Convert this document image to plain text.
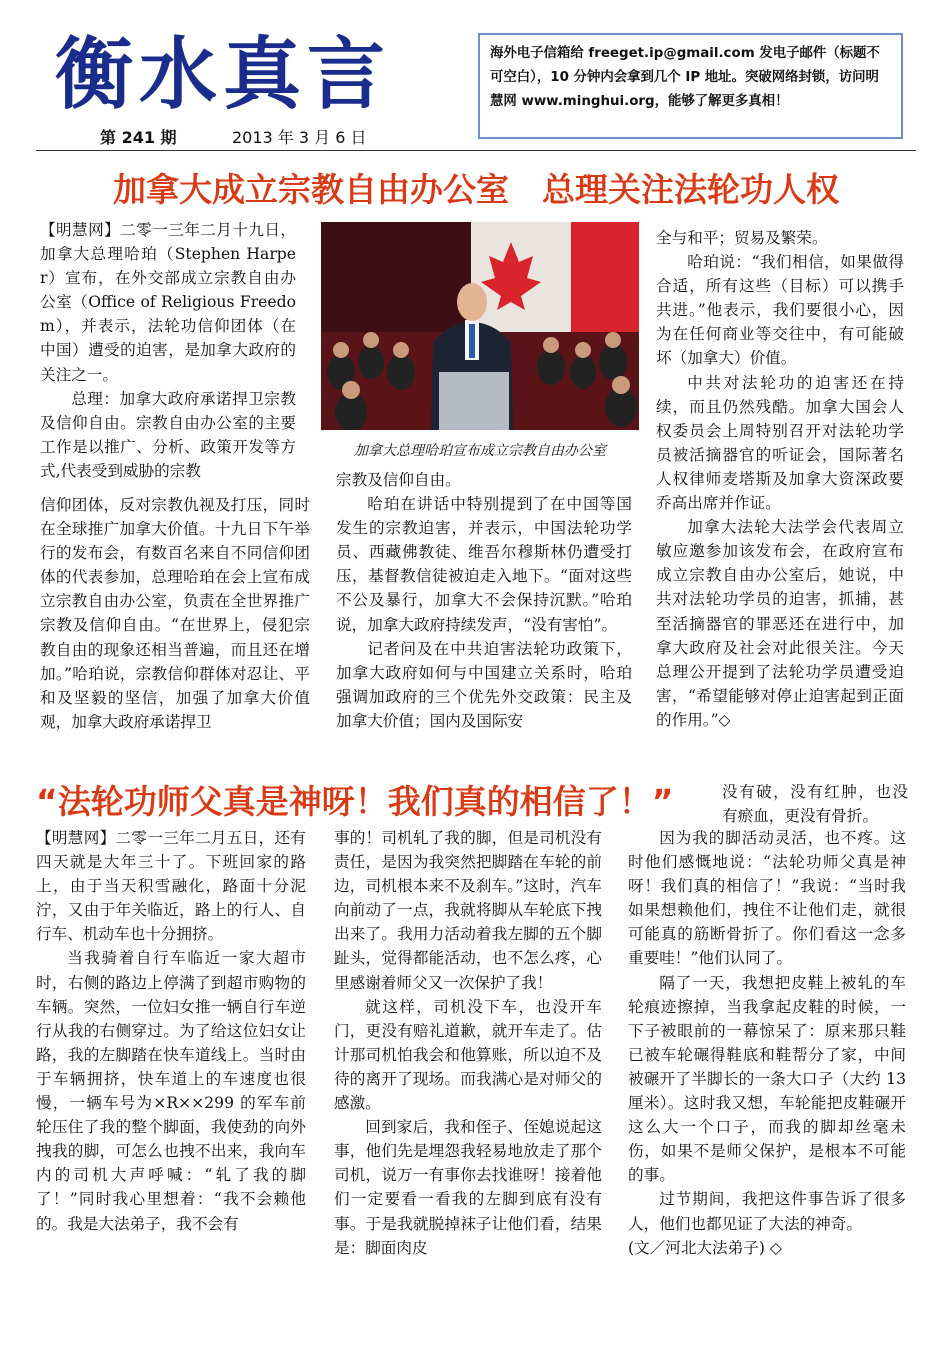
衡水真言
第 241 期	2013 年 3 月 6 日
海外电子信箱给 freeget.ip@gmail.com 发电子邮件（标题不可空白），10 分钟内会拿到几个 IP 地址。突破网络封锁，访问明慧网 www.minghui.org，能够了解更多真相！
加拿大成立宗教自由办公室　总理关注法轮功人权

【明慧网】二零一三年二月十九日，加拿大总理哈珀（Stephen Harper）宣布，在外交部成立宗教自由办公室（Office of Religious Freedom），并表示，法轮功信仰团体（在中国）遭受的迫害，是加拿大政府的关注之一。

总理：加拿大政府承诺捍卫宗教及信仰自由。宗教自由办公室的主要工作是以推广、分析、政策开发等方式,代表受到威胁的宗教

加拿大总理哈珀宣布成立宗教自由办公室

信仰团体，反对宗教仇视及打压，同时在全球推广加拿大价值。十九日下午举行的发布会，有数百名来自不同信仰团体的代表参加，总理哈珀在会上宣布成立宗教自由办公室，负责在全世界推广宗教及信仰自由。“在世界上，侵犯宗教自由的现象还相当普遍，而且还在增加。”哈珀说，宗教信仰群体对忍让、平和及坚毅的坚信，加强了加拿大价值观，加拿大政府承诺捍卫

宗教及信仰自由。

哈珀在讲话中特别提到了在中国等国发生的宗教迫害，并表示，中国法轮功学员、西藏佛教徒、维吾尔穆斯林仍遭受打压，基督教信徒被迫走入地下。“面对这些不公及暴行，加拿大不会保持沉默。”哈珀说，加拿大政府持续发声，“没有害怕”。

记者问及在中共迫害法轮功政策下，加拿大政府如何与中国建立关系时，哈珀强调加政府的三个优先外交政策：民主及加拿大价值；国内及国际安

全与和平；贸易及繁荣。

哈珀说：“我们相信，如果做得合适，所有这些（目标）可以携手共进。”他表示，我们要很小心，因为在任何商业等交往中，有可能破坏（加拿大）价值。

中共对法轮功的迫害还在持续，而且仍然残酷。加拿大国会人权委员会上周特别召开对法轮功学员被活摘器官的听证会，国际著名人权律师麦塔斯及加拿大资深政要乔高出席并作证。

加拿大法轮大法学会代表周立敏应邀参加该发布会，在政府宣布成立宗教自由办公室后，她说，中共对法轮功学员的迫害，抓捕，甚至活摘器官的罪恶还在进行中，加拿大政府及社会对此很关注。今天总理公开提到了法轮功学员遭受迫害，“希望能够对停止迫害起到正面的作用。”◇

“法轮功师父真是神呀！我们真的相信了！”	没有破，没有红肿，也没有瘀血，更没有骨折。

【明慧网】二零一三年二月五日，还有四天就是大年三十了。下班回家的路上，由于当天积雪融化，路面十分泥泞，又由于年关临近，路上的行人、自行车、机动车也十分拥挤。

当我骑着自行车临近一家大超市时，右侧的路边上停满了到超市购物的车辆。突然，一位妇女推一辆自行车逆行从我的右侧穿过。为了给这位妇女让路，我的左脚踏在快车道线上。当时由于车辆拥挤，快车道上的车速度也很慢，一辆车号为×R××299 的军车前轮压住了我的整个脚面，我使劲的向外拽我的脚，可怎么也拽不出来，我向车内的司机大声呼喊：“轧了我的脚了！”同时我心里想着：“我不会赖他的。我是大法弟子，我不会有

事的！司机轧了我的脚，但是司机没有责任，是因为我突然把脚踏在车轮的前边，司机根本来不及刹车。”这时，汽车向前动了一点，我就将脚从车轮底下拽出来了。我用力活动着我左脚的五个脚趾头，觉得都能活动，也不怎么疼，心里感谢着师父又一次保护了我！

就这样，司机没下车，也没开车门，更没有赔礼道歉，就开车走了。估计那司机怕我会和他算账，所以迫不及待的离开了现场。而我满心是对师父的感激。

回到家后，我和侄子、侄媳说起这事，他们先是埋怨我轻易地放走了那个司机，说万一有事你去找谁呀！接着他们一定要看一看我的左脚到底有没有事。于是我就脱掉袜子让他们看，结果是：脚面肉皮

因为我的脚活动灵活，也不疼。这时他们感慨地说：“法轮功师父真是神呀！我们真的相信了！”我说：“当时我如果想赖他们，拽住不让他们走，就很可能真的筋断骨折了。你们看这一念多重要哇！”他们认同了。

隔了一天，我想把皮鞋上被轧的车轮痕迹擦掉，当我拿起皮鞋的时候，一下子被眼前的一幕惊呆了：原来那只鞋已被车轮碾得鞋底和鞋帮分了家，中间被碾开了半脚长的一条大口子（大约 13 厘米）。这时我又想，车轮能把皮鞋碾开这么大一个口子，而我的脚却丝毫未伤，如果不是师父保护，是根本不可能的事。

过节期间，我把这件事告诉了很多人，他们也都见证了大法的神奇。

(文／河北大法弟子) ◇
